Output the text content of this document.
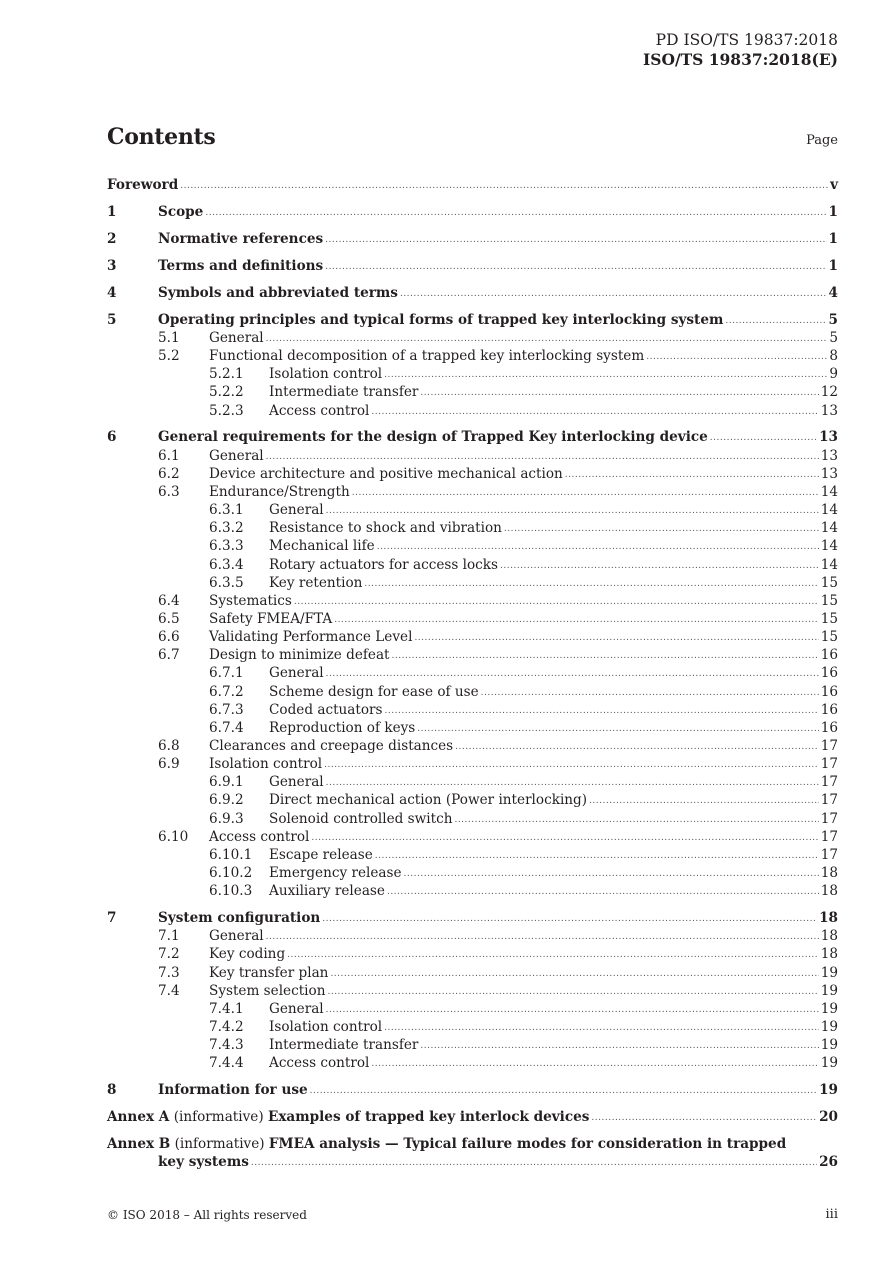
PD ISO/TS 19837:2018
ISO/TS 19837:2018(E)
Contents	Page
Foreword .....	v
1	Scope .....	1
2	Normative references .....	1
3	Terms and definitions .....	1
4	Symbols and abbreviated terms .....	4
5	Operating principles and typical forms of trapped key interlocking system .....	5
5.1 General .....	5
5.2 Functional decomposition of a trapped key interlocking system .....	8
5.2.1 Isolation control .....	9
5.2.2 Intermediate transfer .....	12
5.2.3 Access control .....	13
6	General requirements for the design of Trapped Key interlocking device .....	13
6.1 General .....	13
6.2 Device architecture and positive mechanical action .....	13
6.3 Endurance/Strength .....	14
6.3.1 General .....	14
6.3.2 Resistance to shock and vibration .....	14
6.3.3 Mechanical life .....	14
6.3.4 Rotary actuators for access locks .....	14
6.3.5 Key retention .....	15
6.4 Systematics .....	15
6.5 Safety FMEA/FTA .....	15
6.6 Validating Performance Level .....	15
6.7 Design to minimize defeat .....	16
6.7.1 General .....	16
6.7.2 Scheme design for ease of use .....	16
6.7.3 Coded actuators .....	16
6.7.4 Reproduction of keys .....	16
6.8 Clearances and creepage distances .....	17
6.9 Isolation control .....	17
6.9.1 General .....	17
6.9.2 Direct mechanical action (Power interlocking) .....	17
6.9.3 Solenoid controlled switch .....	17
6.10 Access control .....	17
6.10.1 Escape release .....	17
6.10.2 Emergency release .....	18
6.10.3 Auxiliary release .....	18
7	System configuration .....	18
7.1 General .....	18
7.2 Key coding .....	18
7.3 Key transfer plan .....	19
7.4 System selection .....	19
7.4.1 General .....	19
7.4.2 Isolation control .....	19
7.4.3 Intermediate transfer .....	19
7.4.4 Access control .....	19
8	Information for use .....	19
Annex A (informative) Examples of trapped key interlock devices .....	20
Annex B (informative) FMEA analysis — Typical failure modes for consideration in trapped
key systems .....	26
© ISO 2018 – All rights reserved	iii
